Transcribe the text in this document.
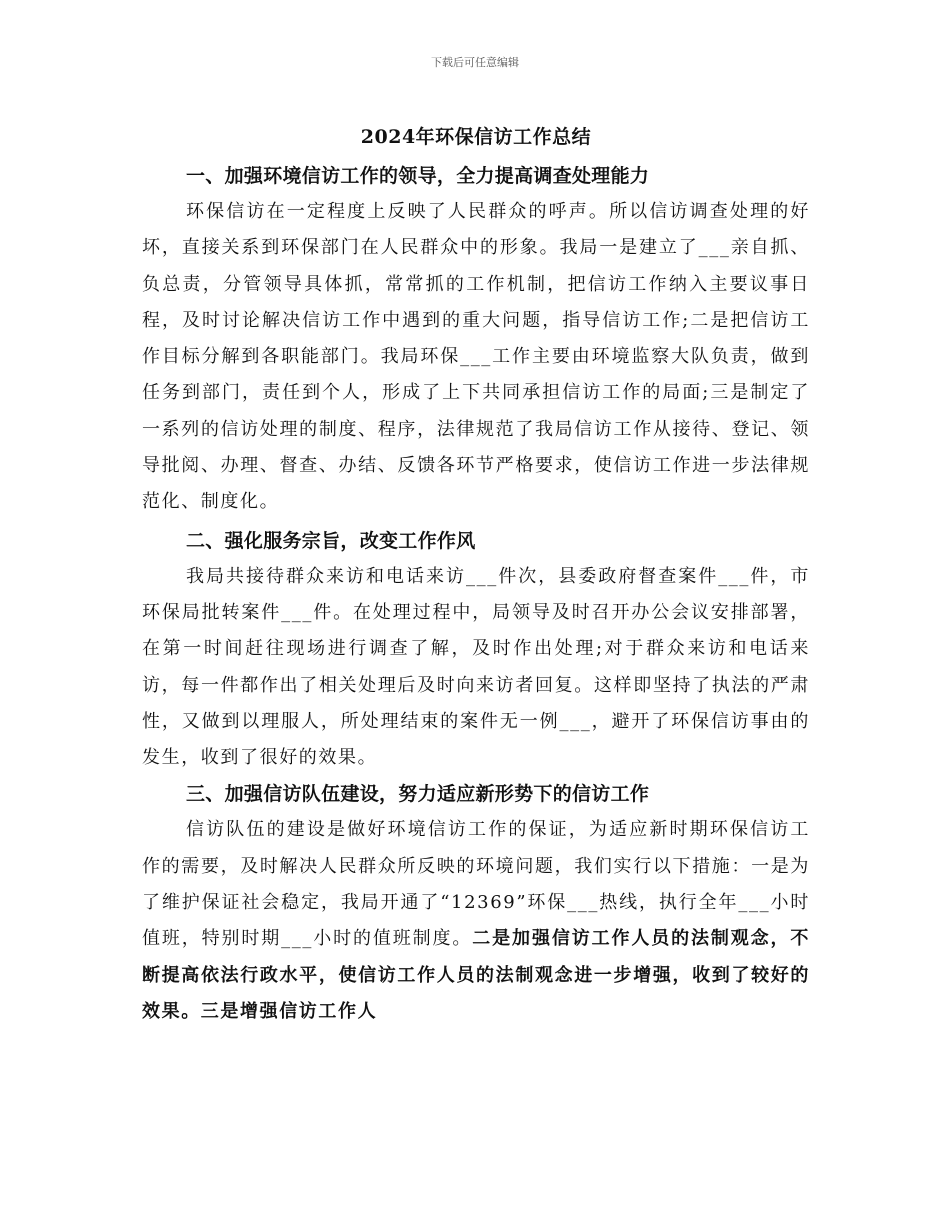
下载后可任意编辑
2024年环保信访工作总结
一、加强环境信访工作的领导，全力提高调查处理能力

环保信访在一定程度上反映了人民群众的呼声。所以信访调查处理的好坏，直接关系到环保部门在人民群众中的形象。我局一是建立了___亲自抓、负总责，分管领导具体抓，常常抓的工作机制，把信访工作纳入主要议事日程，及时讨论解决信访工作中遇到的重大问题，指导信访工作;二是把信访工作目标分解到各职能部门。我局环保___工作主要由环境监察大队负责，做到任务到部门，责任到个人，形成了上下共同承担信访工作的局面;三是制定了一系列的信访处理的制度、程序，法律规范了我局信访工作从接待、登记、领导批阅、办理、督查、办结、反馈各环节严格要求，使信访工作进一步法律规范化、制度化。

二、强化服务宗旨，改变工作作风

我局共接待群众来访和电话来访___件次，县委政府督查案件___件，市环保局批转案件___件。在处理过程中，局领导及时召开办公会议安排部署，在第一时间赶往现场进行调查了解，及时作出处理;对于群众来访和电话来访，每一件都作出了相关处理后及时向来访者回复。这样即坚持了执法的严肃性，又做到以理服人，所处理结束的案件无一例___，避开了环保信访事由的发生，收到了很好的效果。

三、加强信访队伍建设，努力适应新形势下的信访工作

信访队伍的建设是做好环境信访工作的保证，为适应新时期环保信访工作的需要，及时解决人民群众所反映的环境问题，我们实行以下措施：一是为了维护保证社会稳定，我局开通了“12369”环保___热线，执行全年___小时值班，特别时期___小时的值班制度。二是加强信访工作人员的法制观念，不断提高依法行政水平，使信访工作人员的法制观念进一步增强，收到了较好的效果。三是增强信访工作人
